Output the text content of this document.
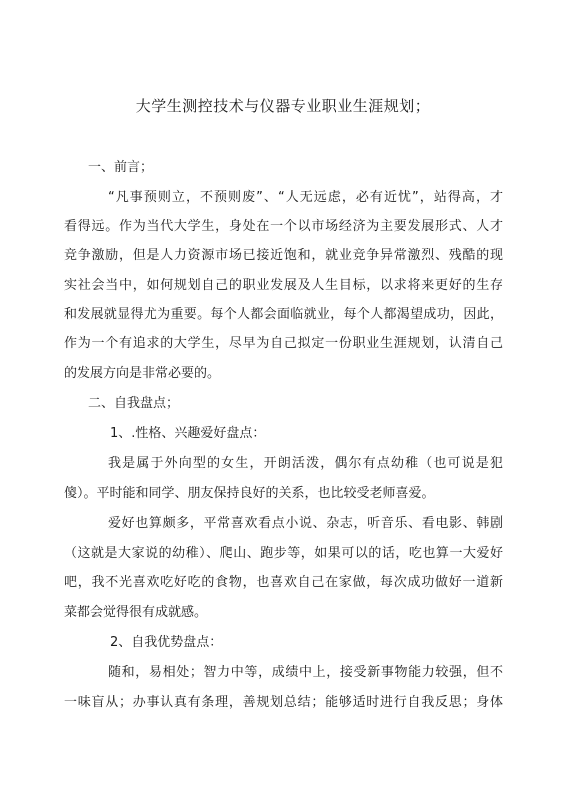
大学生测控技术与仪器专业职业生涯规划；
一、前言；
“凡事预则立，不预则废”、“人无远虑，必有近忧”，站得高，才
看得远。作为当代大学生，身处在一个以市场经济为主要发展形式、人才
竞争激励，但是人力资源市场已接近饱和，就业竞争异常激烈、残酷的现
实社会当中，如何规划自己的职业发展及人生目标，以求将来更好的生存
和发展就显得尤为重要。每个人都会面临就业，每个人都渴望成功，因此，
作为一个有追求的大学生，尽早为自己拟定一份职业生涯规划，认清自己
的发展方向是非常必要的。
二、自我盘点；
1、.性格、兴趣爱好盘点：
我是属于外向型的女生，开朗活泼，偶尔有点幼稚（也可说是犯
傻）。平时能和同学、朋友保持良好的关系，也比较受老师喜爱。
爱好也算颇多，平常喜欢看点小说、杂志，听音乐、看电影、韩剧
（这就是大家说的幼稚）、爬山、跑步等，如果可以的话，吃也算一大爱好
吧，我不光喜欢吃好吃的食物，也喜欢自己在家做，每次成功做好一道新
菜都会觉得很有成就感。
2、自我优势盘点：
随和，易相处；智力中等，成绩中上，接受新事物能力较强，但不
一味盲从；办事认真有条理，善规划总结；能够适时进行自我反思；身体
